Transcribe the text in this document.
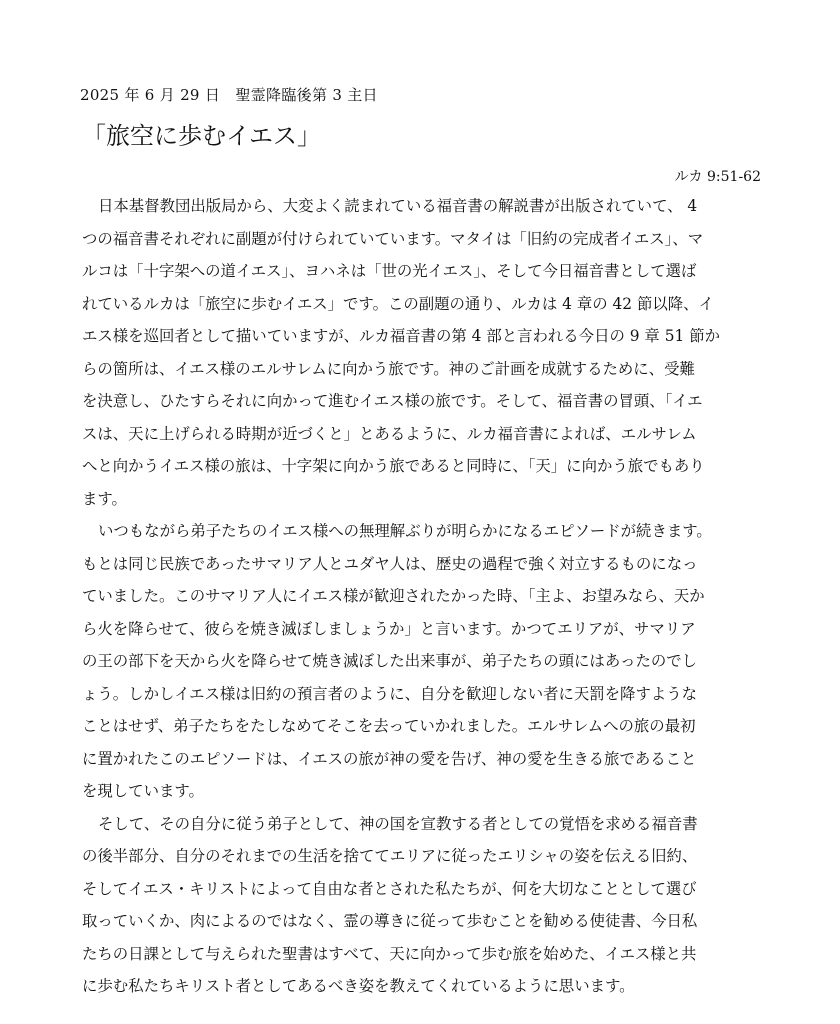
2025 年 6 月 29 日　聖霊降臨後第 3 主日
「旅空に歩むイエス」
ルカ 9:51-62
日本基督教団出版局から、大変よく読まれている福音書の解説書が出版されていて、 4
つの福音書それぞれに副題が付けられていています。マタイは「旧約の完成者イエス」、マ
ルコは「十字架への道イエス」、ヨハネは「世の光イエス」、そして今日福音書として選ば
れているルカは「旅空に歩むイエス」です。この副題の通り、ルカは 4 章の 42 節以降、イ
エス様を巡回者として描いていますが、ルカ福音書の第 4 部と言われる今日の 9 章 51 節か
らの箇所は、イエス様のエルサレムに向かう旅です。神のご計画を成就するために、受難
を決意し、ひたすらそれに向かって進むイエス様の旅です。そして、福音書の冒頭、「イエ
スは、天に上げられる時期が近づくと」とあるように、ルカ福音書によれば、エルサレム
へと向かうイエス様の旅は、十字架に向かう旅であると同時に、「天」に向かう旅でもあり
ます。
いつもながら弟子たちのイエス様への無理解ぶりが明らかになるエピソードが続きます。
もとは同じ民族であったサマリア人とユダヤ人は、歴史の過程で強く対立するものになっ
ていました。このサマリア人にイエス様が歓迎されたかった時、「主よ、お望みなら、天か
ら火を降らせて、彼らを焼き滅ぼしましょうか」と言います。かつてエリアが、サマリア
の王の部下を天から火を降らせて焼き滅ぼした出来事が、弟子たちの頭にはあったのでし
ょう。しかしイエス様は旧約の預言者のように、自分を歓迎しない者に天罰を降すような
ことはせず、弟子たちをたしなめてそこを去っていかれました。エルサレムへの旅の最初
に置かれたこのエピソードは、イエスの旅が神の愛を告げ、神の愛を生きる旅であること
を現しています。
そして、その自分に従う弟子として、神の国を宣教する者としての覚悟を求める福音書
の後半部分、自分のそれまでの生活を捨ててエリアに従ったエリシャの姿を伝える旧約、
そしてイエス・キリストによって自由な者とされた私たちが、何を大切なこととして選び
取っていくか、肉によるのではなく、霊の導きに従って歩むことを勧める使徒書、今日私
たちの日課として与えられた聖書はすべて、天に向かって歩む旅を始めた、イエス様と共
に歩む私たちキリスト者としてあるべき姿を教えてくれているように思います。
